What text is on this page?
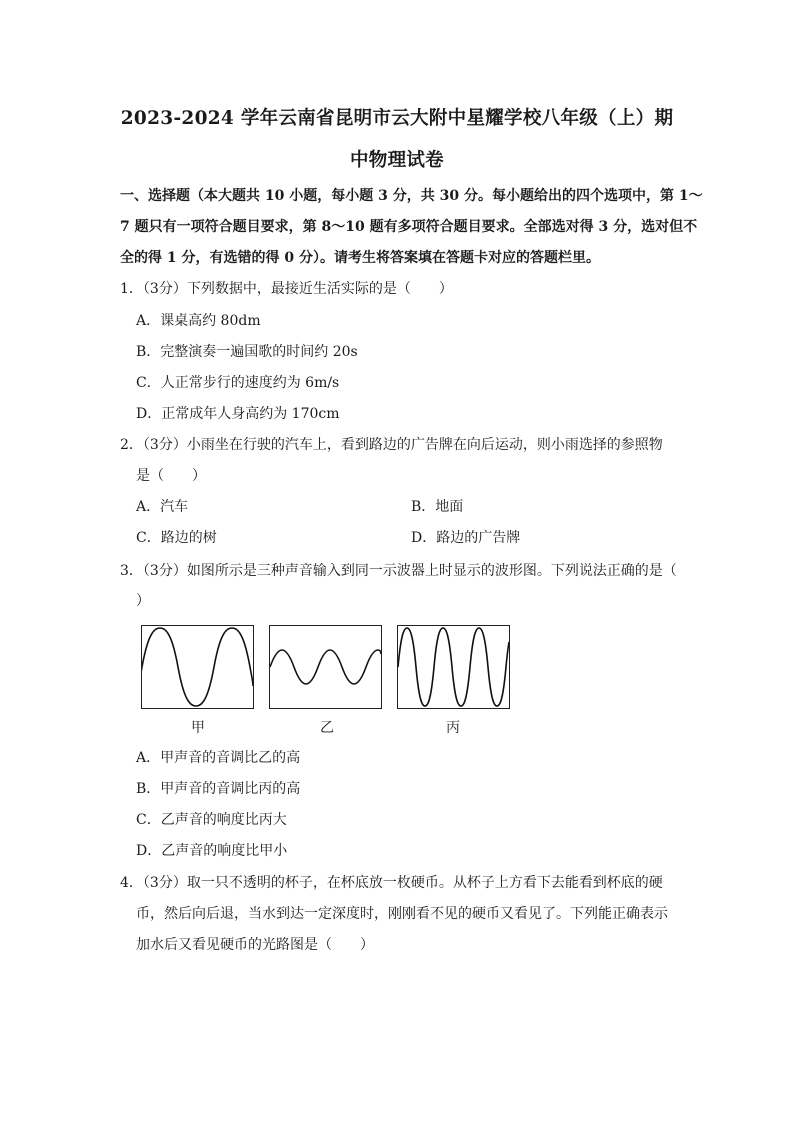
2023-2024 学年云南省昆明市云大附中星耀学校八年级（上）期
中物理试卷
一、选择题（本大题共 10 小题，每小题 3 分，共 30 分。每小题给出的四个选项中，第 1～
7 题只有一项符合题目要求，第 8～10 题有多项符合题目要求。全部选对得 3 分，选对但不
全的得 1 分，有选错的得 0 分）。请考生将答案填在答题卡对应的答题栏里。
1．（3分）下列数据中，最接近生活实际的是（　　）
A．课桌高约 80dm
B．完整演奏一遍国歌的时间约 20s
C．人正常步行的速度约为 6m/s
D．正常成年人身高约为 170cm
2．（3分）小雨坐在行驶的汽车上，看到路边的广告牌在向后运动，则小雨选择的参照物
是（　　）
A．汽车	B．地面
C．路边的树	D．路边的广告牌
3．（3分）如图所示是三种声音输入到同一示波器上时显示的波形图。下列说法正确的是（
）
甲	乙	丙
A．甲声音的音调比乙的高
B．甲声音的音调比丙的高
C．乙声音的响度比丙大
D．乙声音的响度比甲小
4．（3分）取一只不透明的杯子，在杯底放一枚硬币。从杯子上方看下去能看到杯底的硬
币，然后向后退，当水到达一定深度时，刚刚看不见的硬币又看见了。下列能正确表示
加水后又看见硬币的光路图是（　　）
